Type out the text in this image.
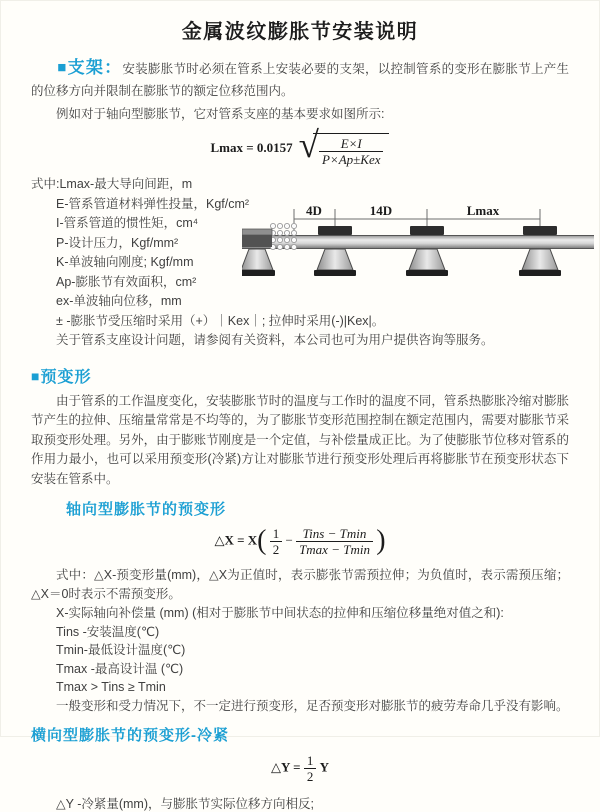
金属波纹膨胀节安装说明

■支架：安装膨胀节时必须在管系上安装必要的支架，以控制管系的变形在膨胀节上产生的位移方向并限制在膨胀节的额定位移范围内。

例如对于轴向型膨胀节，它对管系支座的基本要求如图所示:

Lmax = 0.0157 √ $\frac{E\times I}{\text{P×Ap±Kex}}$
式中:Lmax-最大导向间距，m
E-管系管道材料弹性投量，Kgf/cm²
I-管系管道的惯性矩，cm⁴
P-设计压力，Kgf/mm²
K-单波轴向刚度; Kgf/mm
Ap-膨胀节有效面积，cm²
ex-单波轴向位移，mm
± -膨胀节受压缩时采用（+）｜Kex｜; 拉伸时采用(-)|Kex|。
关于管系支座设计问题，请参阅有关资料，本公司也可为用户提供咨询等服务。
4D	14D	Lmax
■预变形

由于管系的工作温度变化，安装膨胀节时的温度与工作时的温度不同，管系热膨胀冷缩对膨胀节产生的拉伸、压缩量常常是不均等的，为了膨胀节变形范围控制在额定范围内，需要对膨胀节采取预变形处理。另外，由于膨账节刚度是一个定值，与补偿量成正比。为了使膨胀节位移对管系的作用力最小，也可以采用预变形(冷紧)方让对膨胀节进行预变形处理后再将膨胀节在预变形状态下安装在管系中。

轴向型膨胀节的预变形
△X = $X( \frac{1}{2} - \frac{\text{Tins − Tmin}}{Tmax - Tmin}$ )

式中：△X-预变形量(mm)，△X为正值时，表示膨张节需预拉伸；为负值时，表示需预压缩；△X＝0时表示不需预变形。

X-实际轴向补偿量 (mm) (相对于膨胀节中间状态的拉伸和压缩位移量绝对值之和):
Tins -安装温度(℃)
Tmin-最低设计温度(℃)
Tmax -最高设计温 (℃)
Tmax > Tins ≥ Tmin
一般变形和受力情况下，不一定进行预变形，足否预变形对膨胀节的疲劳寿命几乎没有影响。
横向型膨胀节的预变形-冷紧
△Y = $\frac{1}{2}$ Y

△Y -冷紧量(mm)，与膨胀节实际位移方向相反;
